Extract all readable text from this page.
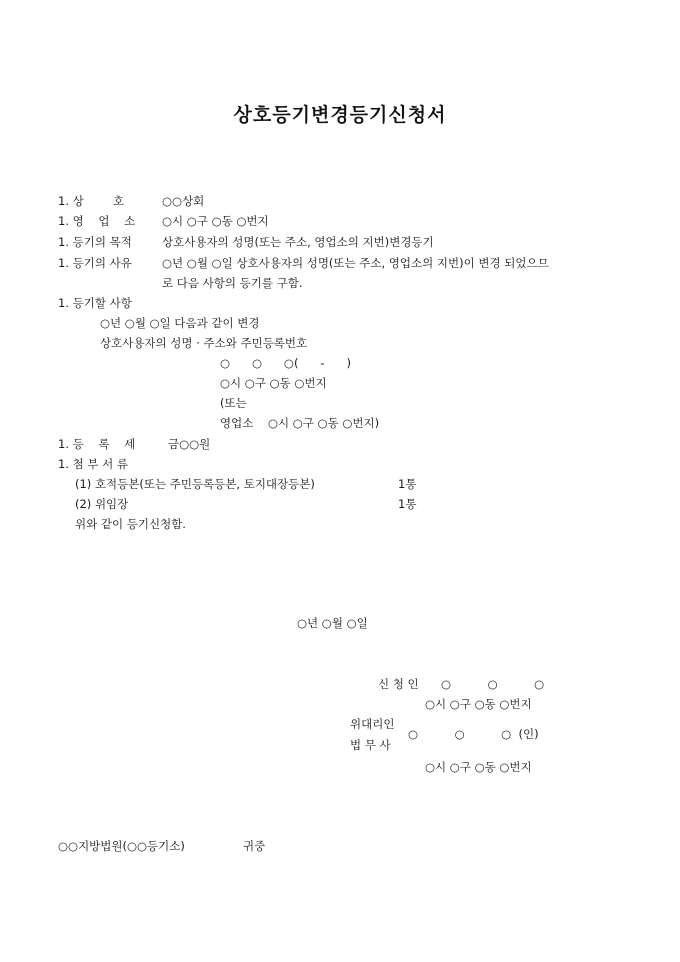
상호등기변경등기신청서
1. 상        호	○○상회
1. 영    업    소 ○시 ○구 ○동 ○번지
1. 등기의 목적	상호사용자의 성명(또는 주소, 영업소의 지번)변경등기
1. 등기의 사유	○년 ○월 ○일 상호사용자의 성명(또는 주소, 영업소의 지번)이 변경 되었으므
로 다음 사항의 등기를 구함.
1. 등기할 사항
○년 ○월 ○일 다음과 같이 변경
상호사용자의 성명 · 주소와 주민등록번호
○      ○      ○(      -      )
○시 ○구 ○동 ○번지
(또는
영업소    ○시 ○구 ○동 ○번지)
1. 등    록    세	금○○원
1. 첨 부 서 류
(1) 호적등본(또는 주민등록등본, 토지대장등본)	1통
(2) 위임장	1통
위와 같이 등기신청함.
○년 ○월 ○일
신 청 인 ○          ○          ○
○시 ○구 ○동 ○번지
위대리인
법 무 사
○          ○          ○  (인)
○시 ○구 ○동 ○번지
○○지방법원(○○등기소)	귀중
